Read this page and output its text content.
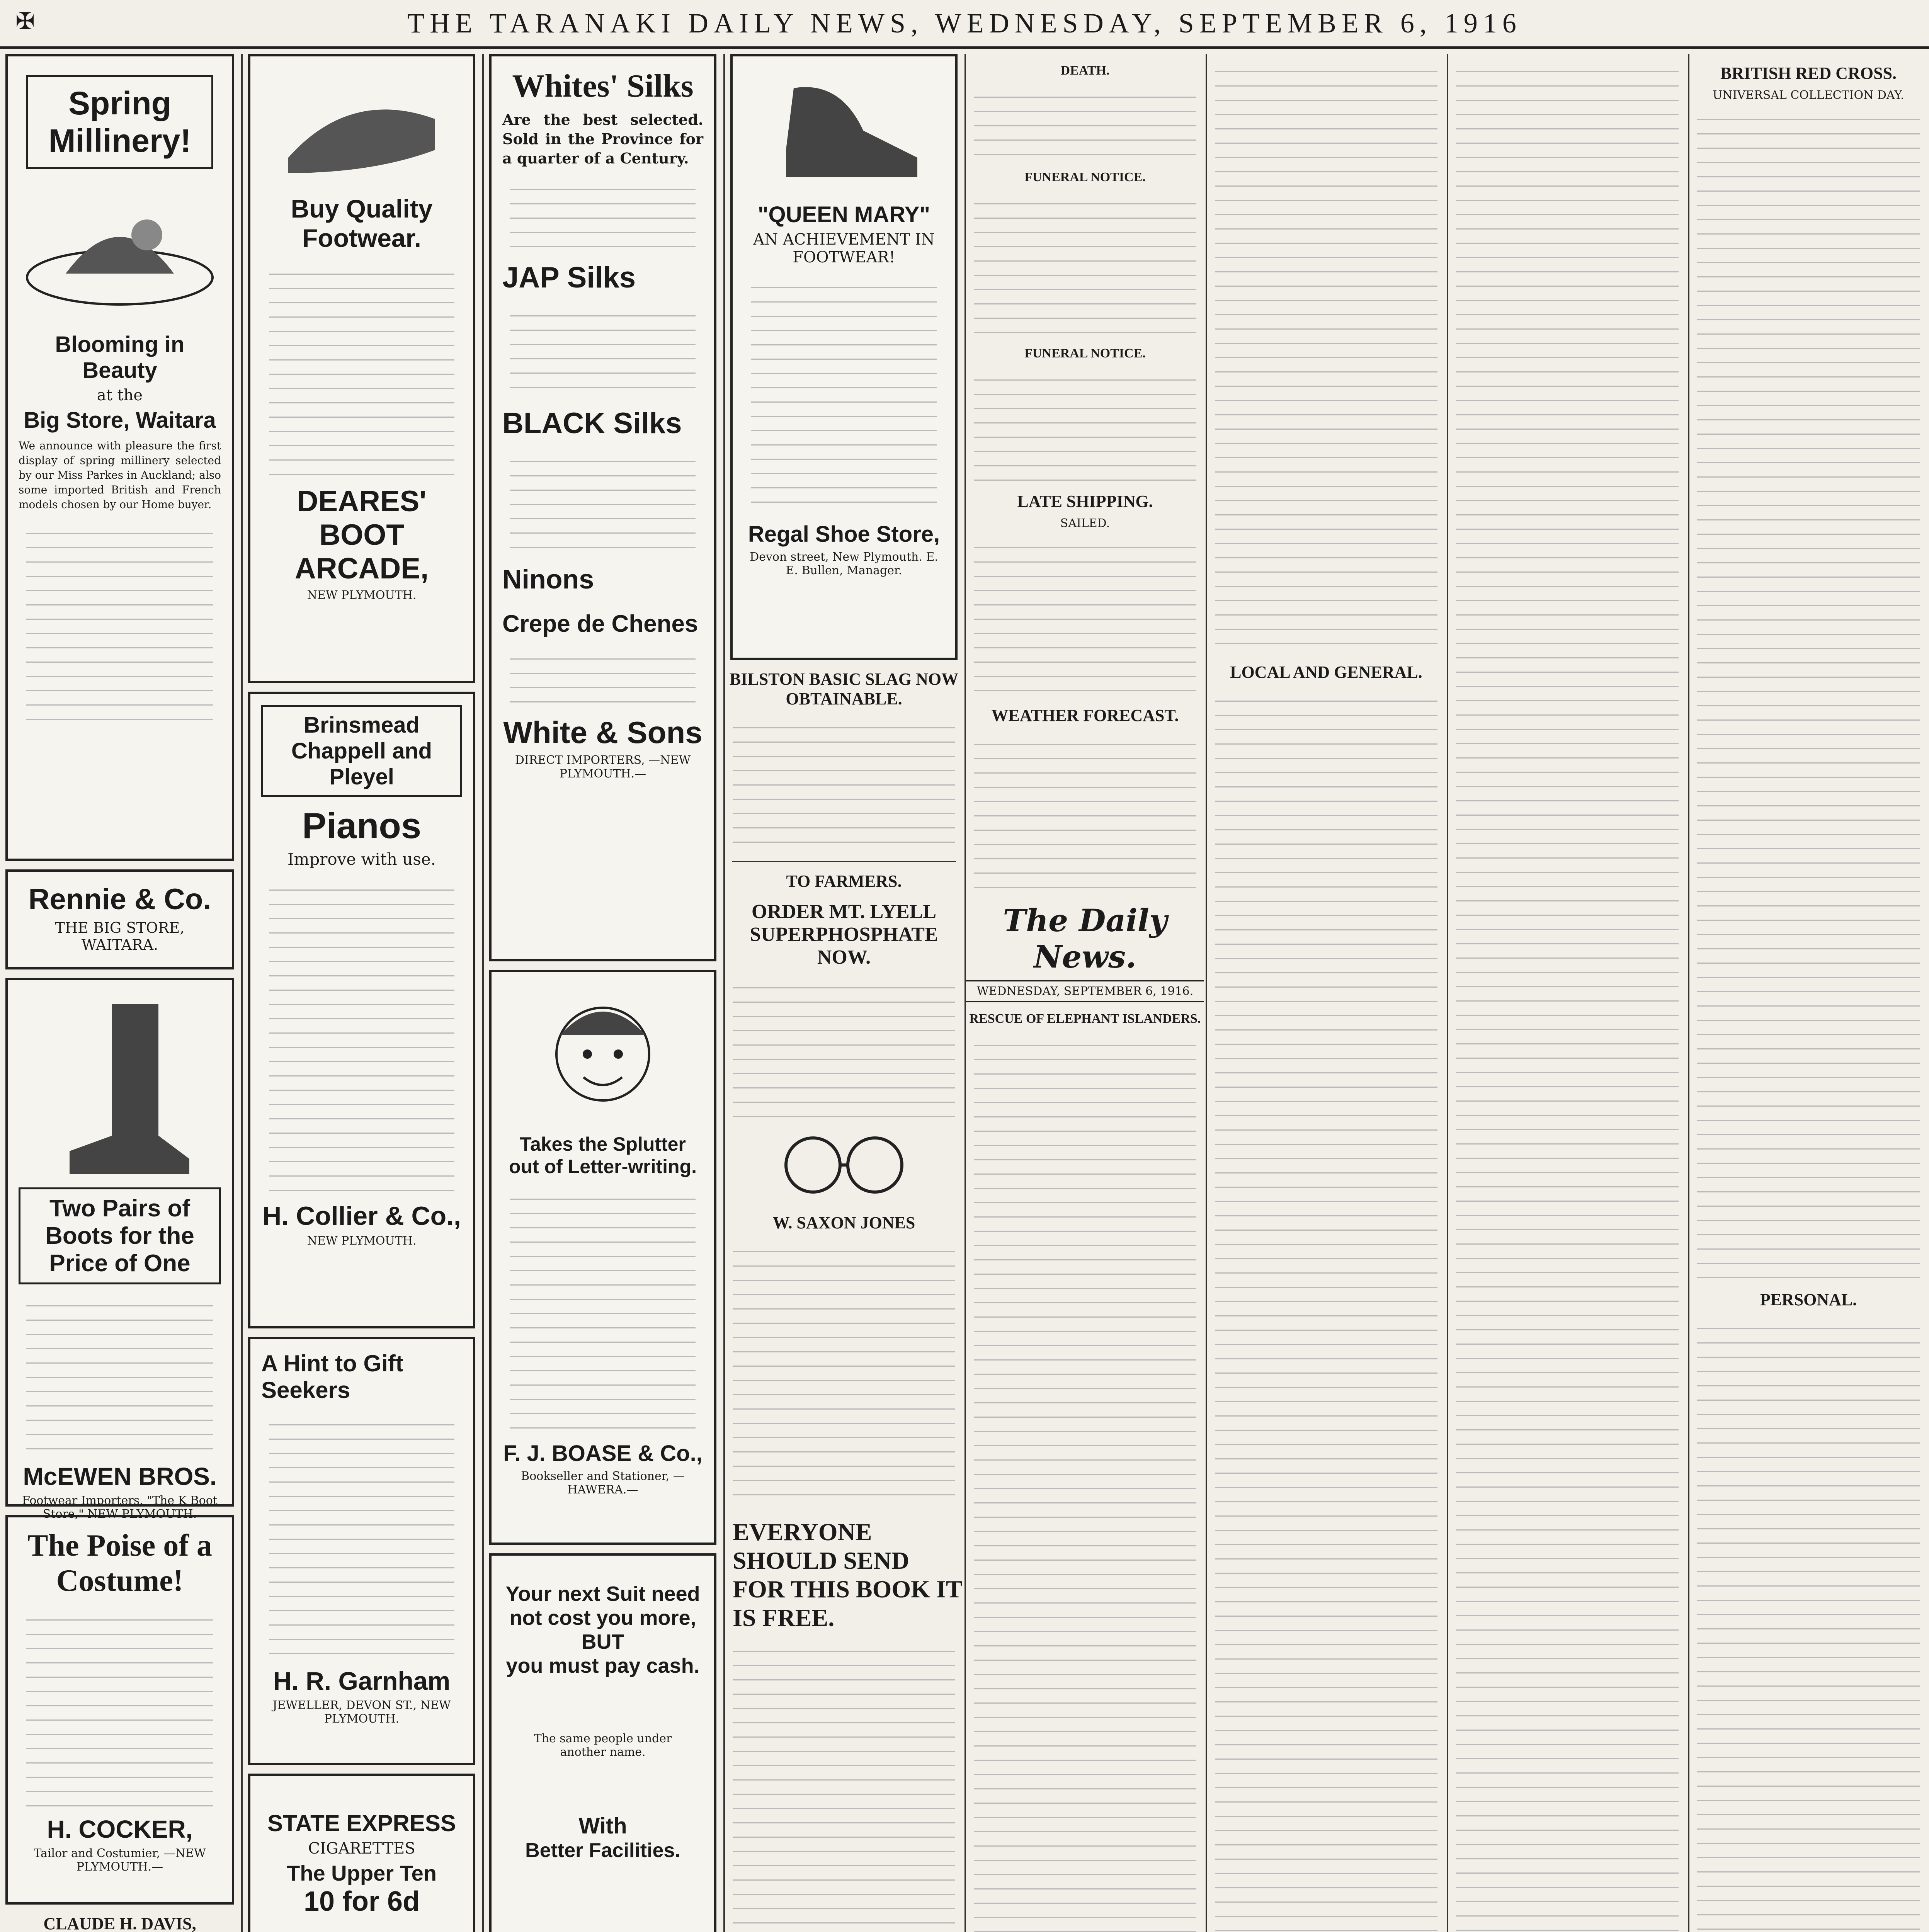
✠	THE TARANAKI DAILY NEWS, WEDNESDAY, SEPTEMBER 6, 1916
Spring
Millinery!
Blooming in Beauty
at the
Big Store, Waitara

We announce with pleasure the first display of spring millinery selected by our Miss Parkes in Auckland; also some imported British and French models chosen by our Home buyer.

Rennie & Co.
THE BIG STORE, WAITARA.
Two Pairs of Boots for the Price of One
McEWEN BROS.
Footwear Importers. "The K Boot Store," NEW PLYMOUTH.
The Poise of a Costume!
H. COCKER,
Tailor and Costumier, —NEW PLYMOUTH.—
CLAUDE H. DAVIS,
Buy Quality Footwear.
DEARES' BOOT ARCADE,
NEW PLYMOUTH.
Brinsmead Chappell and Pleyel
Pianos
Improve with use.
H. Collier & Co.,
NEW PLYMOUTH.
A Hint to Gift Seekers
H. R. Garnham
JEWELLER, DEVON ST., NEW PLYMOUTH.
STATE EXPRESS
CIGARETTES
The Upper Ten
10 for 6d
Whites' Silks

Are the best selected. Sold in the Province for a quarter of a Century.

JAP Silks
BLACK Silks
Ninons
Crepe de Chenes
White & Sons
DIRECT IMPORTERS, —NEW PLYMOUTH.—
Takes the Splutter out of Letter-writing.
F. J. BOASE & Co.,
Bookseller and Stationer, —HAWERA.—
Your next Suit need not cost you more,
BUT
you must pay cash.
The same people under another name.
With
Better Facilities.
"QUEEN MARY"
AN ACHIEVEMENT IN FOOTWEAR!
Regal Shoe Store,
Devon street, New Plymouth. E. E. Bullen, Manager.
BILSTON BASIC SLAG NOW OBTAINABLE.
TO FARMERS.
ORDER MT. LYELL SUPERPHOSPHATE NOW.
W. SAXON JONES
EVERYONE SHOULD SEND FOR THIS BOOK IT IS FREE.
DEATH.
FUNERAL NOTICE.
FUNERAL NOTICE.
LATE SHIPPING.
SAILED.
WEATHER FORECAST.
The Daily News.
WEDNESDAY, SEPTEMBER 6, 1916.
RESCUE OF ELEPHANT ISLANDERS.
LOCAL AND GENERAL.
BRITISH RED CROSS.
UNIVERSAL COLLECTION DAY.
PERSONAL.
